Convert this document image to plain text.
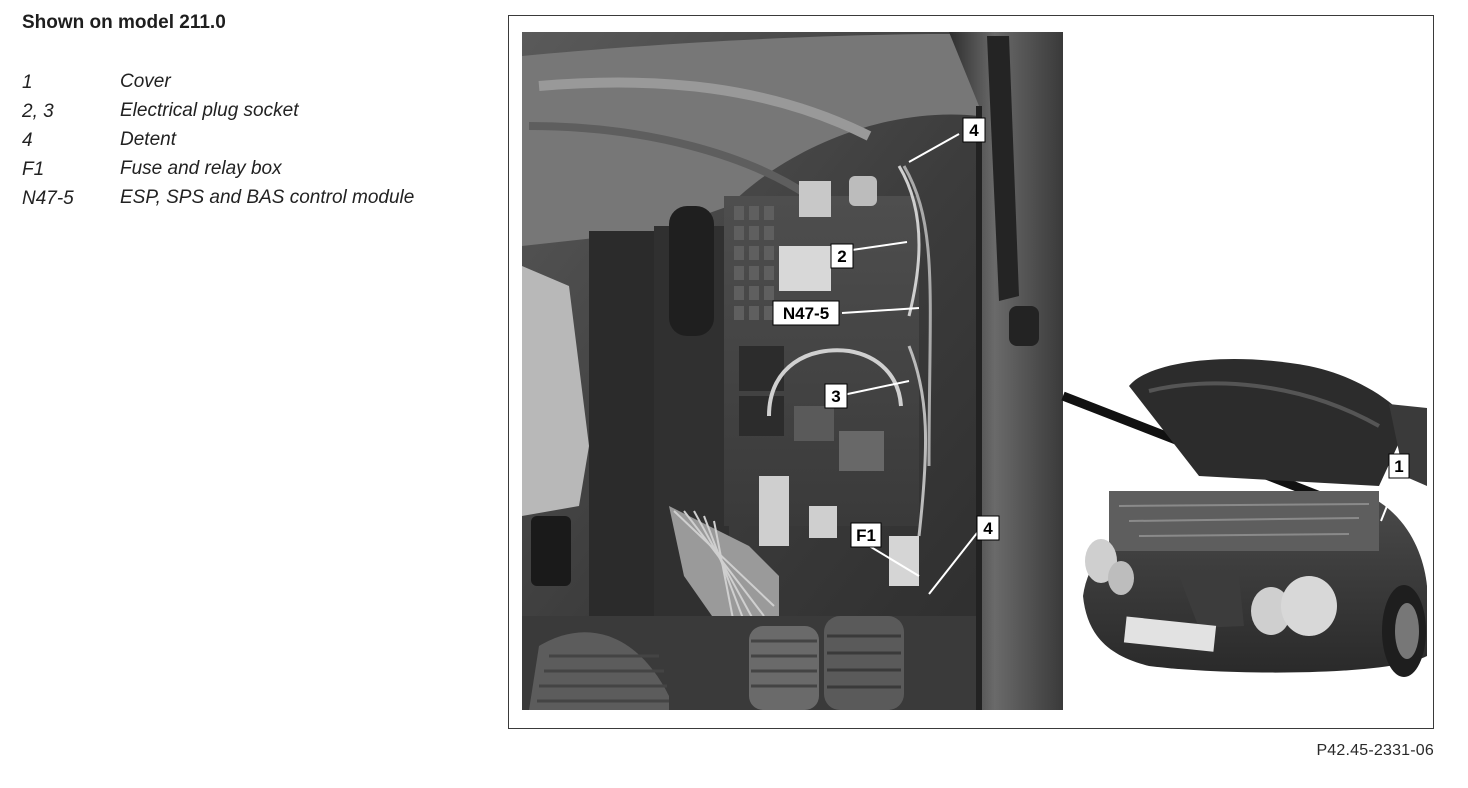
Shown on model 211.0
1	Cover
2, 3	Electrical plug socket
4	Detent
F1	Fuse and relay box
N47-5	ESP, SPS and BAS control module
4
2
N47-5
3
F1	4
1
P42.45-2331-06
